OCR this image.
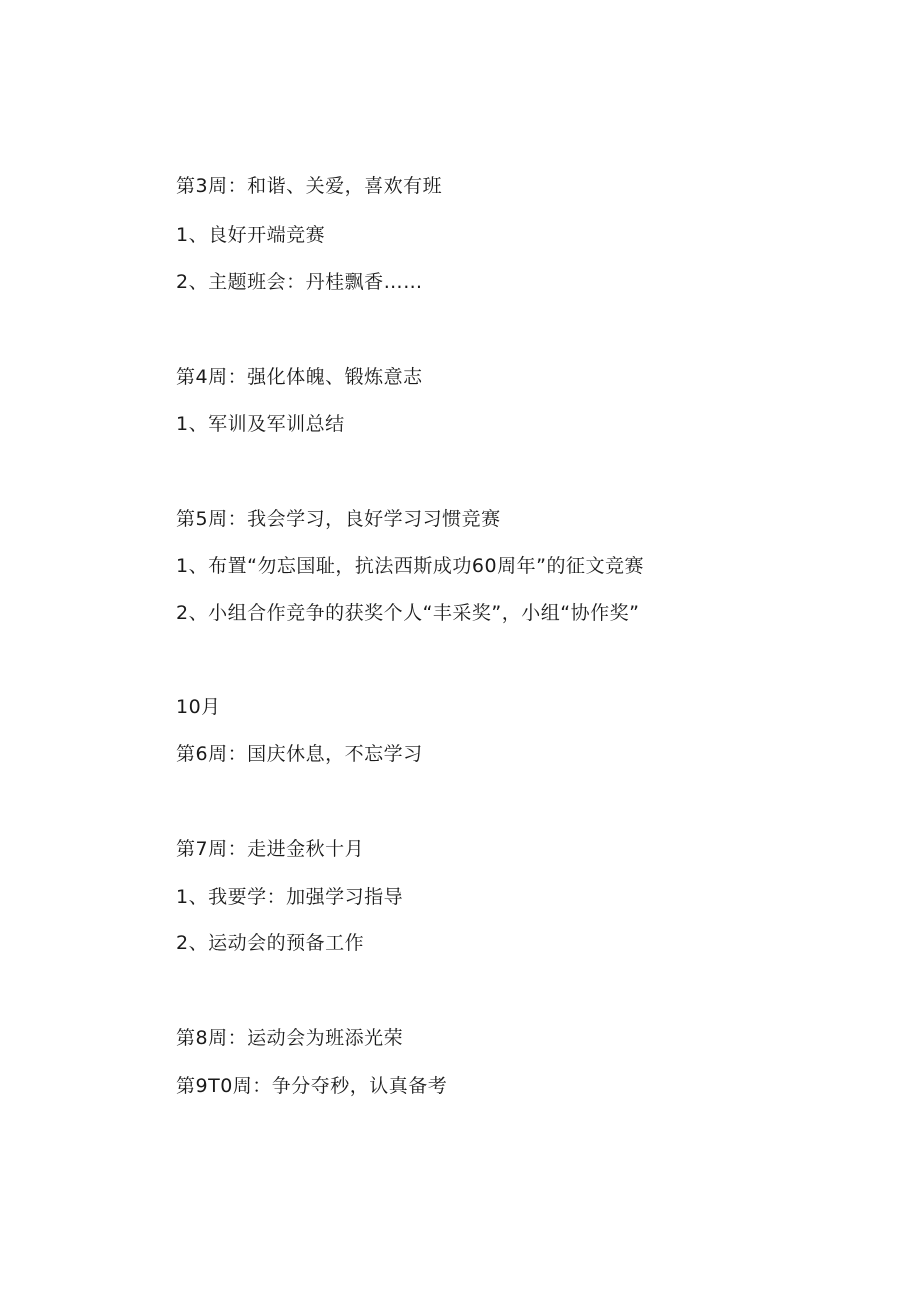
第3周：和谐、关爱，喜欢有班
1、良好开端竞赛
2、主题班会：丹桂飘香……
第4周：强化体魄、锻炼意志
1、军训及军训总结
第5周：我会学习，良好学习习惯竞赛
1、布置“勿忘国耻，抗法西斯成功60周年”的征文竞赛
2、小组合作竞争的获奖个人“丰采奖”，小组“协作奖”
10月
第6周：国庆休息，不忘学习
第7周：走进金秋十月
1、我要学：加强学习指导
2、运动会的预备工作
第8周：运动会为班添光荣
第9T0周：争分夺秒，认真备考
